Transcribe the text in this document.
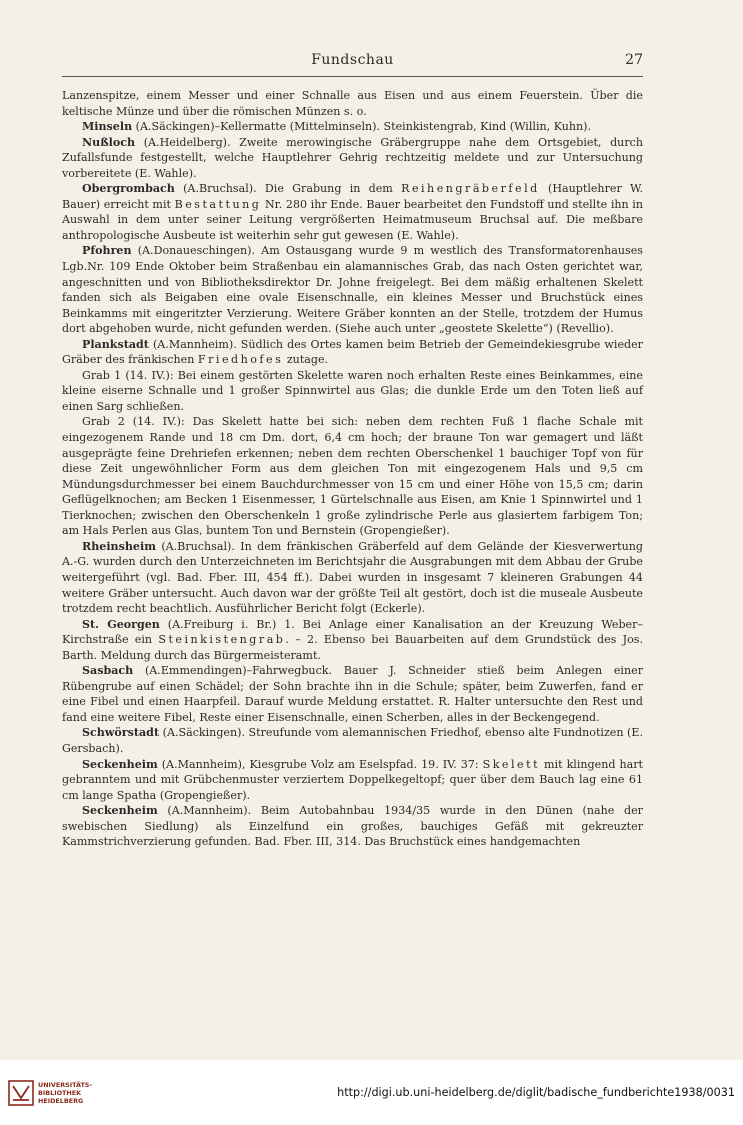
Fundschau	27

Lanzenspitze, einem Messer und einer Schnalle aus Eisen und aus einem Feuerstein. Über die keltische Münze und über die römischen Münzen s. o.

Minseln (A.Säckingen)–Kellermatte (Mittelminseln). Steinkistengrab, Kind (Willin, Kuhn).

Nußloch (A.Heidelberg). Zweite merowingische Gräbergruppe nahe dem Ortsgebiet, durch Zufallsfunde festgestellt, welche Hauptlehrer Gehrig rechtzeitig meldete und zur Untersuchung vorbereitete (E. Wahle).

Obergrombach (A.Bruchsal). Die Grabung in dem Reihengräberfeld (Hauptlehrer W. Bauer) erreicht mit Bestattung Nr. 280 ihr Ende. Bauer bearbeitet den Fundstoff und stellte ihn in Auswahl in dem unter seiner Leitung vergrößerten Heimatmuseum Bruchsal auf. Die meßbare anthropologische Ausbeute ist weiterhin sehr gut gewesen (E. Wahle).

Pfohren (A.Donaueschingen). Am Ostausgang wurde 9 m westlich des Transformatorenhauses Lgb.Nr. 109 Ende Oktober beim Straßenbau ein alamannisches Grab, das nach Osten gerichtet war, angeschnitten und von Bibliotheksdirektor Dr. Johne freigelegt. Bei dem mäßig erhaltenen Skelett fanden sich als Beigaben eine ovale Eisenschnalle, ein kleines Messer und Bruchstück eines Beinkamms mit eingeritzter Verzierung. Weitere Gräber konnten an der Stelle, trotzdem der Humus dort abgehoben wurde, nicht gefunden werden. (Siehe auch unter „geostete Skelette“) (Revellio).

Plankstadt (A.Mannheim). Südlich des Ortes kamen beim Betrieb der Gemeindekiesgrube wieder Gräber des fränkischen Friedhofes zutage.

Grab 1 (14. IV.): Bei einem gestörten Skelette waren noch erhalten Reste eines Beinkammes, eine kleine eiserne Schnalle und 1 großer Spinnwirtel aus Glas; die dunkle Erde um den Toten ließ auf einen Sarg schließen.

Grab 2 (14. IV.): Das Skelett hatte bei sich: neben dem rechten Fuß 1 flache Schale mit eingezogenem Rande und 18 cm Dm. dort, 6,4 cm hoch; der braune Ton war gemagert und läßt ausgeprägte feine Drehriefen erkennen; neben dem rechten Oberschenkel 1 bauchiger Topf von für diese Zeit ungewöhnlicher Form aus dem gleichen Ton mit eingezogenem Hals und 9,5 cm Mündungsdurchmesser bei einem Bauchdurchmesser von 15 cm und einer Höhe von 15,5 cm; darin Geflügelknochen; am Becken 1 Eisenmesser, 1 Gürtelschnalle aus Eisen, am Knie 1 Spinnwirtel und 1 Tierknochen; zwischen den Oberschenkeln 1 große zylindrische Perle aus glasiertem farbigem Ton; am Hals Perlen aus Glas, buntem Ton und Bernstein (Gropengießer).

Rheinsheim (A.Bruchsal). In dem fränkischen Gräberfeld auf dem Gelände der Kiesverwertung A.-G. wurden durch den Unterzeichneten im Berichtsjahr die Ausgrabungen mit dem Abbau der Grube weitergeführt (vgl. Bad. Fber. III, 454 ff.). Dabei wurden in insgesamt 7 kleineren Grabungen 44 weitere Gräber untersucht. Auch davon war der größte Teil alt gestört, doch ist die museale Ausbeute trotzdem recht beachtlich. Ausführlicher Bericht folgt (Eckerle).

St. Georgen (A.Freiburg i. Br.) 1. Bei Anlage einer Kanalisation an der Kreuzung Weber–Kirchstraße ein Steinkistengrab. – 2. Ebenso bei Bauarbeiten auf dem Grundstück des Jos. Barth. Meldung durch das Bürgermeisteramt.

Sasbach (A.Emmendingen)–Fahrwegbuck. Bauer J. Schneider stieß beim Anlegen einer Rübengrube auf einen Schädel; der Sohn brachte ihn in die Schule; später, beim Zuwerfen, fand er eine Fibel und einen Haarpfeil. Darauf wurde Meldung erstattet. R. Halter untersuchte den Rest und fand eine weitere Fibel, Reste einer Eisenschnalle, einen Scherben, alles in der Beckengegend.

Schwörstadt (A.Säckingen). Streufunde vom alemannischen Friedhof, ebenso alte Fundnotizen (E. Gersbach).

Seckenheim (A.Mannheim), Kiesgrube Volz am Eselspfad. 19. IV. 37: Skelett mit klingend hart gebranntem und mit Grübchenmuster verziertem Doppelkegeltopf; quer über dem Bauch lag eine 61 cm lange Spatha (Gropengießer).

Seckenheim (A.Mannheim). Beim Autobahnbau 1934/35 wurde in den Dünen (nahe der swebischen Siedlung) als Einzelfund ein großes, bauchiges Gefäß mit gekreuzter Kammstrichverzierung gefunden. Bad. Fber. III, 314. Das Bruchstück eines handgemachten

UNIVERSITÄTS-
BIBLIOTHEK
HEIDELBERG
http://digi.ub.uni-heidelberg.de/diglit/badische_fundberichte1938/0031
